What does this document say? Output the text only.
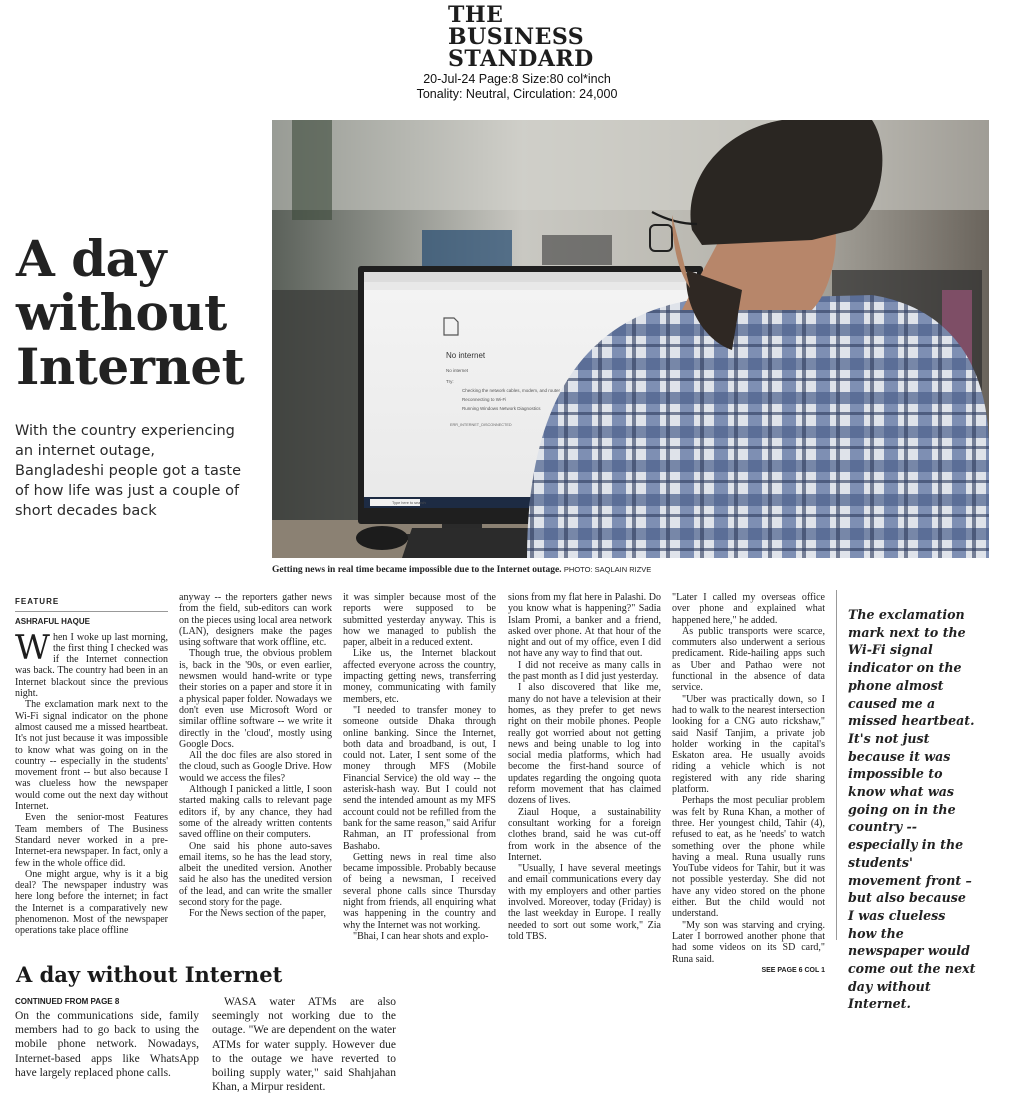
THE
BUSINESS
STANDARD
20-Jul-24 Page:8 Size:80 col*inch
Tonality: Neutral, Circulation: 24,000
A day without Internet
With the country experiencing an internet outage, Bangladeshi people got a taste of how life was just a couple of short decades back
No internet
No internet
Try:
Checking the network cables, modem, and router
Reconnecting to Wi-Fi
Running Windows Network Diagnostics
ERR_INTERNET_DISCONNECTED
Type here to search
Getting news in real time became impossible due to the Internet outage. PHOTO: SAQLAIN RIZVE
FEATURE
ASHRAFUL HAQUE

When I woke up last morning, the first thing I checked was if the Internet connection was back. The country had been in an Internet blackout since the previous night.

The exclamation mark next to the Wi-Fi signal indicator on the phone almost caused me a missed heartbeat. It's not just because it was impossible to know what was going on in the country -- especially in the students' movement front -- but also because I was clueless how the newspaper would come out the next day without Internet.

Even the senior-most Features Team members of The Business Standard never worked in a pre-Internet-era newspaper. In fact, only a few in the whole office did.

One might argue, why is it a big deal? The newspaper industry was here long before the internet; in fact the Internet is a comparatively new phenomenon. Most of the newspaper operations take place offline

anyway -- the reporters gather news from the field, sub-editors can work on the pieces using local area network (LAN), designers make the pages using software that work offline, etc.

Though true, the obvious problem is, back in the '90s, or even earlier, newsmen would hand-write or type their stories on a paper and store it in a physical paper folder. Nowadays we don't even use Microsoft Word or similar offline software -- we write it directly in the 'cloud', mostly using Google Docs.

All the doc files are also stored in the cloud, such as Google Drive. How would we access the files?

Although I panicked a little, I soon started making calls to relevant page editors if, by any chance, they had some of the already written contents saved offline on their computers.

One said his phone auto-saves email items, so he has the lead story, albeit the unedited version. Another said he also has the unedited version of the lead, and can write the smaller second story for the page.

For the News section of the paper,

it was simpler because most of the reports were supposed to be submitted yesterday anyway. This is how we managed to publish the paper, albeit in a reduced extent.

Like us, the Internet blackout affected everyone across the country, impacting getting news, transferring money, communicating with family members, etc.

"I needed to transfer money to someone outside Dhaka through online banking. Since the Internet, both data and broadband, is out, I could not. Later, I sent some of the money through MFS (Mobile Financial Service) the old way -- the asterisk-hash way. But I could not send the intended amount as my MFS account could not be refilled from the bank for the same reason," said Arifur Rahman, an IT professional from Bashabo.

Getting news in real time also became impossible. Probably because of being a newsman, I received several phone calls since Thursday night from friends, all enquiring what was happening in the country and why the Internet was not working.

"Bhai, I can hear shots and explo-

sions from my flat here in Palashi. Do you know what is happening?" Sadia Islam Promi, a banker and a friend, asked over phone. At that hour of the night and out of my office, even I did not have any way to find that out.

I did not receive as many calls in the past month as I did just yesterday.

I also discovered that like me, many do not have a television at their homes, as they prefer to get news right on their mobile phones. People really got worried about not getting news and being unable to log into social media platforms, which had become the first-hand source of updates regarding the ongoing quota reform movement that has claimed dozens of lives.

Ziaul Hoque, a sustainability consultant working for a foreign clothes brand, said he was cut-off from work in the absence of the Internet.

"Usually, I have several meetings and email communications every day with my employers and other parties involved. Moreover, today (Friday) is the last weekday in Europe. I really needed to sort out some work," Zia told TBS.

"Later I called my overseas office over phone and explained what happened here," he added.

As public transports were scarce, commuters also underwent a serious predicament. Ride-hailing apps such as Uber and Pathao were not functional in the absence of data service.

"Uber was practically down, so I had to walk to the nearest intersection looking for a CNG auto rickshaw," said Nasif Tanjim, a private job holder working in the capital's Eskaton area. He usually avoids riding a vehicle which is not registered with any ride sharing platform.

Perhaps the most peculiar problem was felt by Runa Khan, a mother of three. Her youngest child, Tahir (4), refused to eat, as he 'needs' to watch something over the phone while having a meal. Runa usually runs YouTube videos for Tahir, but it was not possible yesterday. She did not have any video stored on the phone either. But the child would not understand.

"My son was starving and crying. Later I borrowed another phone that had some videos on its SD card," Runa said.

SEE PAGE 6 COL 1
The exclamation mark next to the Wi-Fi signal indicator on the phone almost caused me a missed heartbeat. It's not just because it was impossible to know what was going on in the country -- especially in the students' movement front – but also because I was clueless how the newspaper would come out the next day without Internet.
A day without Internet
CONTINUED FROM PAGE 8

On the communications side, family members had to go back to using the mobile phone network. Nowadays, Internet-based apps like WhatsApp have largely replaced phone calls.

WASA water ATMs are also seemingly not working due to the outage. "We are dependent on the water ATMs for water supply. However due to the outage we have reverted to boiling supply water," said Shahjahan Khan, a Mirpur resident.
